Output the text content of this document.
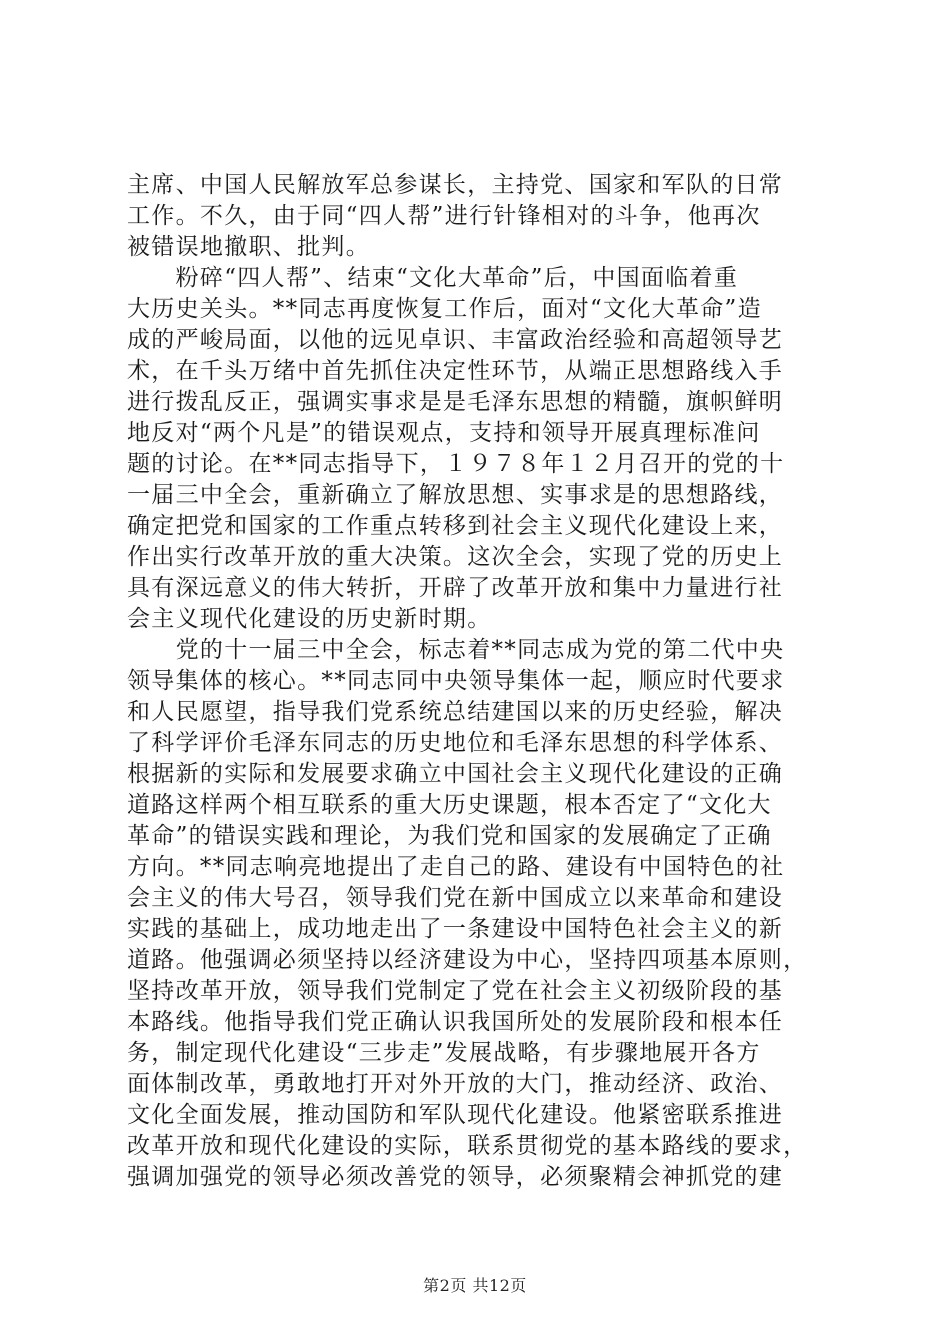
主席、中国人民解放军总参谋长，主持党、国家和军队的日常
工作。不久，由于同“四人帮”进行针锋相对的斗争，他再次
被错误地撤职、批判。
　　粉碎“四人帮”、结束“文化大革命”后，中国面临着重
大历史关头。**同志再度恢复工作后，面对“文化大革命”造
成的严峻局面，以他的远见卓识、丰富政治经验和高超领导艺
术，在千头万绪中首先抓住决定性环节，从端正思想路线入手
进行拨乱反正，强调实事求是是毛泽东思想的精髓，旗帜鲜明
地反对“两个凡是”的错误观点，支持和领导开展真理标准问
题的讨论。在**同志指导下，１９７８年１２月召开的党的十
一届三中全会，重新确立了解放思想、实事求是的思想路线，
确定把党和国家的工作重点转移到社会主义现代化建设上来，
作出实行改革开放的重大决策。这次全会，实现了党的历史上
具有深远意义的伟大转折，开辟了改革开放和集中力量进行社
会主义现代化建设的历史新时期。
　　党的十一届三中全会，标志着**同志成为党的第二代中央
领导集体的核心。**同志同中央领导集体一起，顺应时代要求
和人民愿望，指导我们党系统总结建国以来的历史经验，解决
了科学评价毛泽东同志的历史地位和毛泽东思想的科学体系、
根据新的实际和发展要求确立中国社会主义现代化建设的正确
道路这样两个相互联系的重大历史课题，根本否定了“文化大
革命”的错误实践和理论，为我们党和国家的发展确定了正确
方向。**同志响亮地提出了走自己的路、建设有中国特色的社
会主义的伟大号召，领导我们党在新中国成立以来革命和建设
实践的基础上，成功地走出了一条建设中国特色社会主义的新
道路。他强调必须坚持以经济建设为中心，坚持四项基本原则，
坚持改革开放，领导我们党制定了党在社会主义初级阶段的基
本路线。他指导我们党正确认识我国所处的发展阶段和根本任
务，制定现代化建设“三步走”发展战略，有步骤地展开各方
面体制改革，勇敢地打开对外开放的大门，推动经济、政治、
文化全面发展，推动国防和军队现代化建设。他紧密联系推进
改革开放和现代化建设的实际，联系贯彻党的基本路线的要求，
强调加强党的领导必须改善党的领导，必须聚精会神抓党的建
第2页 共12页
